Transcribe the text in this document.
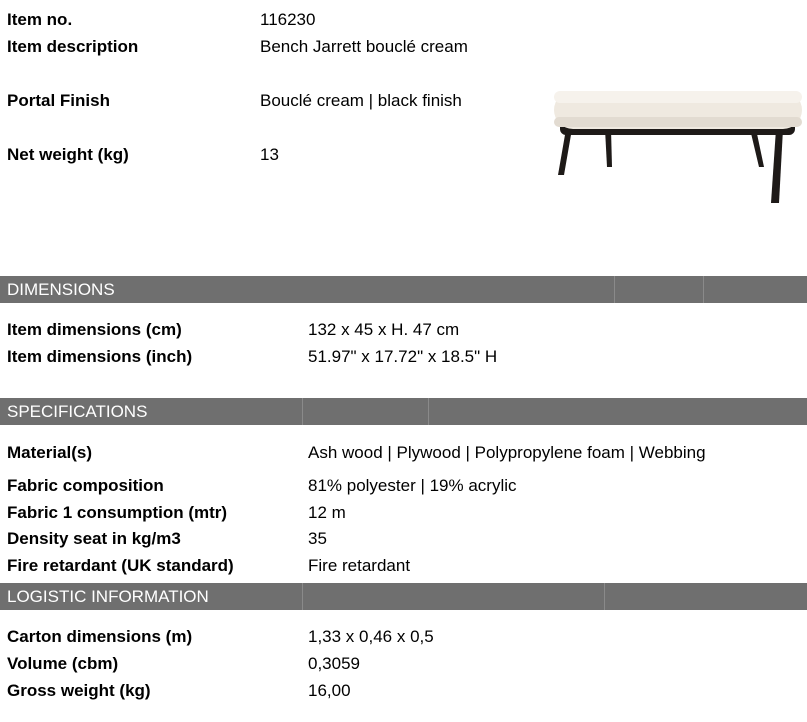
Item no.	116230
Item description	Bench Jarrett bouclé cream
Portal Finish	Bouclé cream | black finish
Net weight (kg)	13
DIMENSIONS
Item dimensions (cm)	132 x 45 x H. 47 cm
Item dimensions (inch)	51.97" x 17.72" x 18.5" H
SPECIFICATIONS
Material(s)	Ash wood | Plywood | Polypropylene foam | Webbing
Fabric composition	81% polyester | 19% acrylic
Fabric 1 consumption (mtr)	12 m
Density seat in kg/m3	35
Fire retardant (UK standard)	Fire retardant
LOGISTIC INFORMATION
Carton dimensions (m)	1,33 x 0,46 x 0,5
Volume (cbm)	0,3059
Gross weight (kg)	16,00
